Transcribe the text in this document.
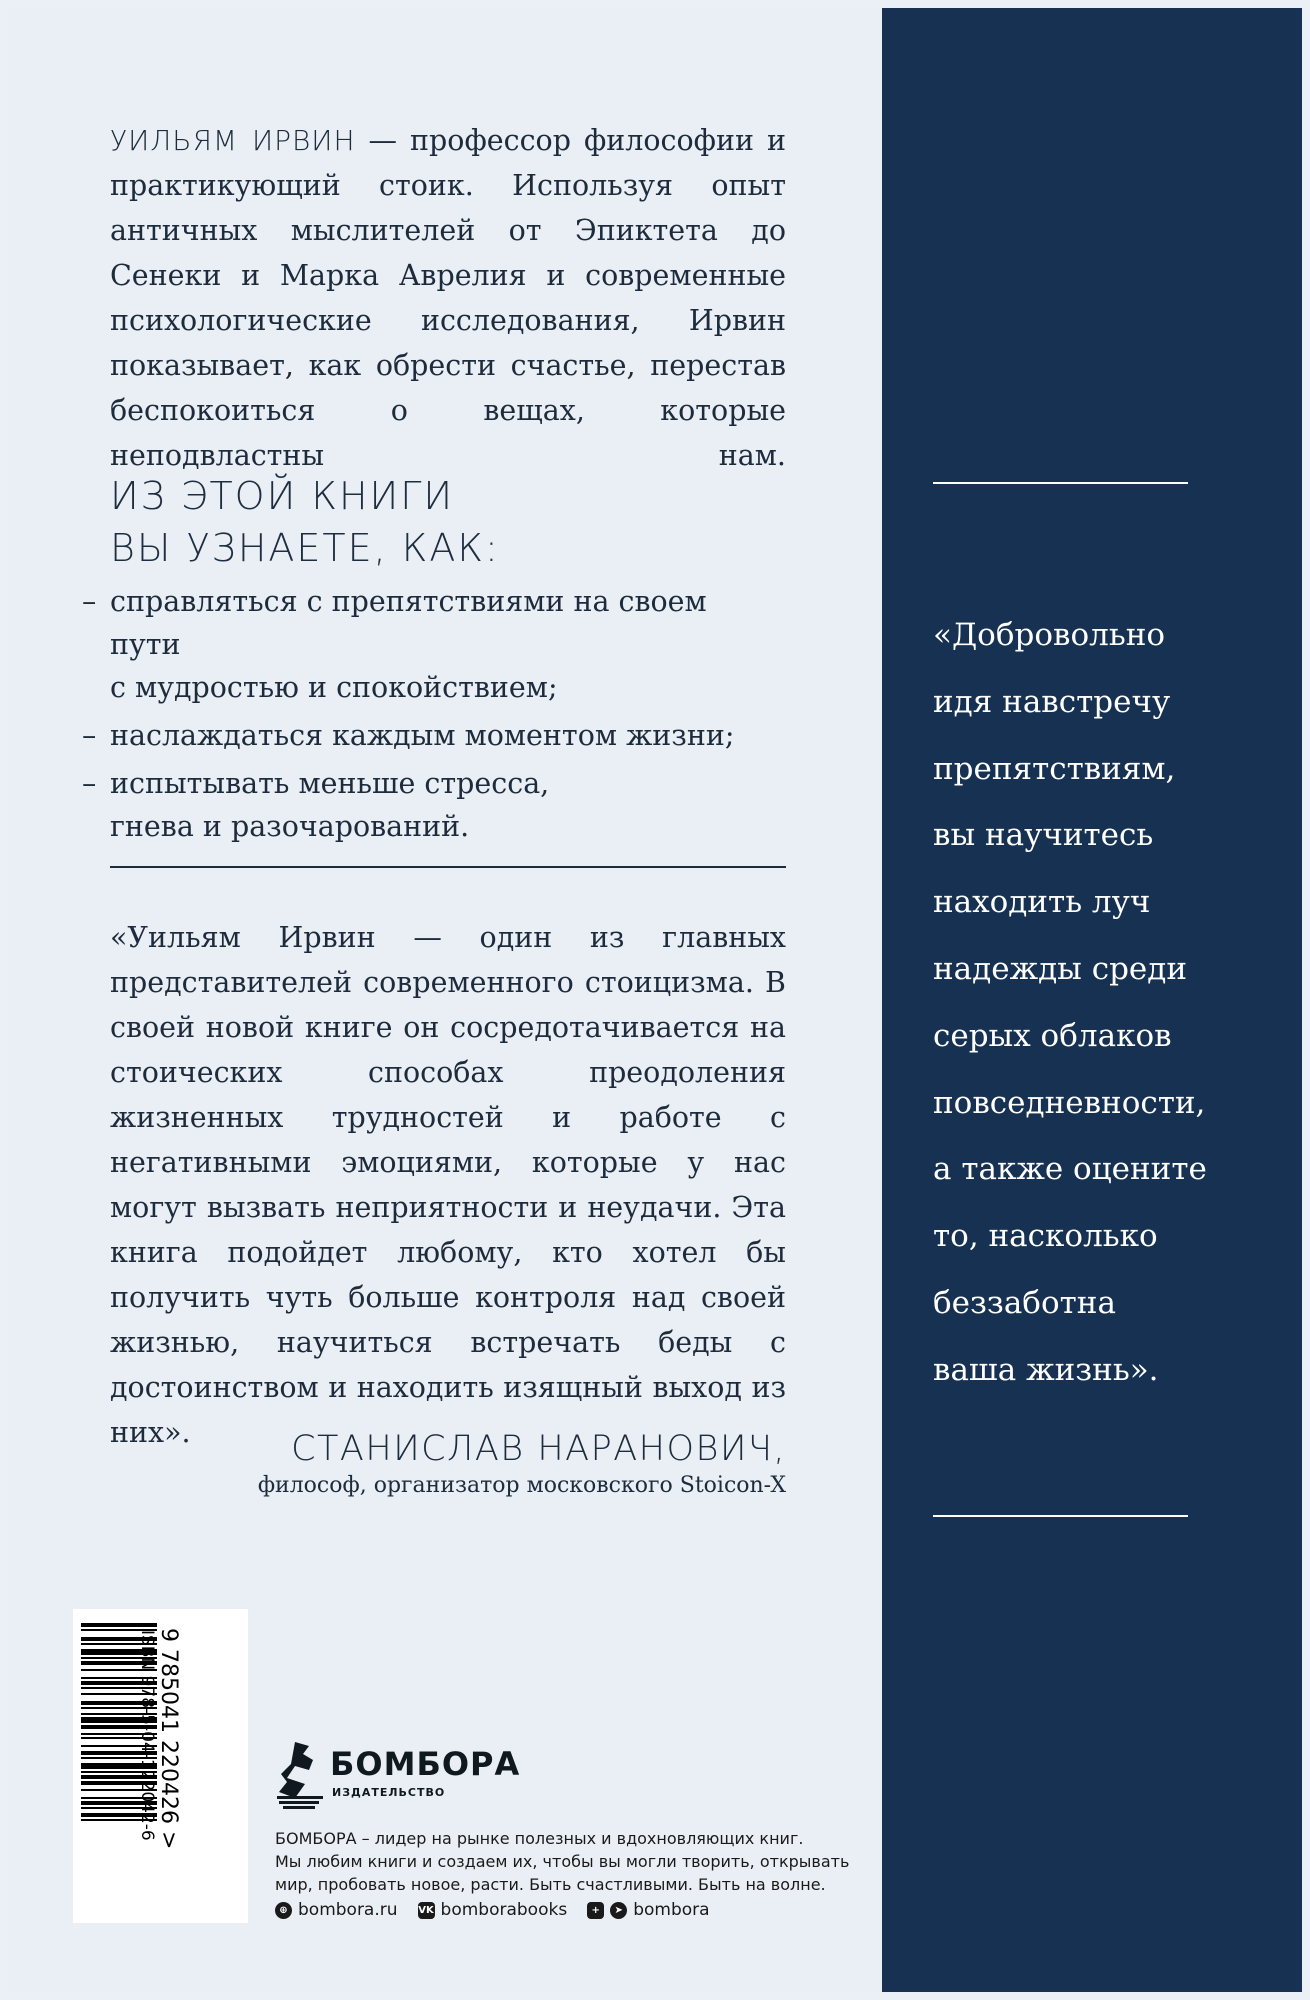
УИЛЬЯМ ИРВИН — профессор философии и практикующий стоик. Используя опыт античных мыслителей от Эпиктета до Сенеки и Марка Аврелия и современные психологические исследования, Ирвин показывает, как обрести счастье, перестав беспокоиться о вещах, которые неподвластны нам.
ИЗ ЭТОЙ КНИГИ
ВЫ УЗНАЕТЕ, КАК:
– справляться с препятствиями на своем пути
с мудростью и спокойствием;
– наслаждаться каждым моментом жизни;
– испытывать меньше стресса,
гнева и разочарований.
«Уильям Ирвин — один из главных представителей современного стоицизма. В своей новой книге он сосредотачивается на стоических способах преодоления жизненных трудностей и работе с негативными эмоциями, которые у нас могут вызвать неприятности и неудачи. Эта книга подойдет любому, кто хотел бы получить чуть больше контроля над своей жизнью, научиться встречать беды с достоинством и находить изящный выход из них».	СТАНИСЛАВ НАРАНОВИЧ,
философ, организатор московского Stoicon-X
ISBN 978-5-04-122042-6 9 785041 220426 >	БОМБОРА
ИЗДАТЕЛЬСТВО
БОМБОРА – лидер на рынке полезных и вдохновляющих книг.
Мы любим книги и создаем их, чтобы вы могли творить, открывать
мир, пробовать новое, расти. Быть счастливыми. Быть на волне.
⊕ bombora.ru VK bomborabooks	+	➤ bombora
«Добровольно
идя навстречу
препятствиям,
вы научитесь
находить луч
надежды среди
серых облаков
повседневности,
а также оцените
то, насколько
беззаботна
ваша жизнь».
